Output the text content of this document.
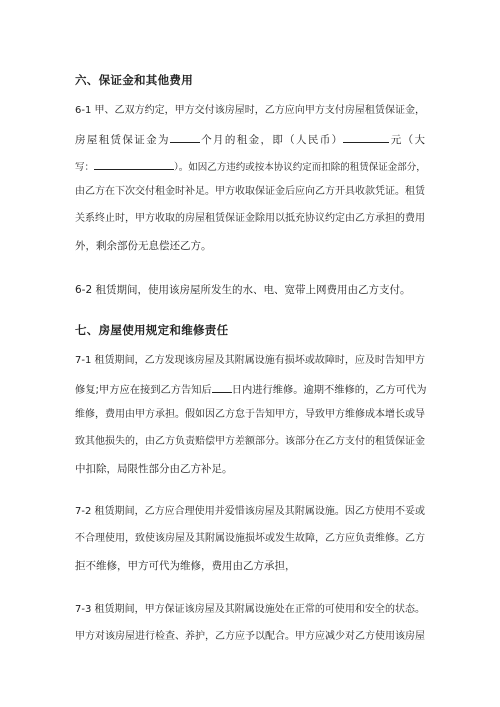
六、保证金和其他费用
6-1 甲、乙双方约定，甲方交付该房屋时，乙方应向甲方支付房屋租赁保证金，
房屋租赁保证金为	个月的租金，即（人民币）	元（大
写：	）。如因乙方违约或按本协议约定而扣除的租赁保证金部分，
由乙方在下次交付租金时补足。甲方收取保证金后应向乙方开具收款凭证。租赁
关系终止时，甲方收取的房屋租赁保证金除用以抵充协议约定由乙方承担的费用
外，剩余部份无息偿还乙方。
6-2 租赁期间，使用该房屋所发生的水、电、宽带上网费用由乙方支付。
七、房屋使用规定和维修责任
7-1 租赁期间，乙方发现该房屋及其附属设施有损坏或故障时，应及时告知甲方
修复;甲方应在接到乙方告知后 日内进行维修。逾期不维修的，乙方可代为
维修，费用由甲方承担。假如因乙方怠于告知甲方，导致甲方维修成本增长或导
致其他损失的，由乙方负责赔偿甲方差额部分。该部分在乙方支付的租赁保证金
中扣除，局限性部分由乙方补足。
7-2 租赁期间，乙方应合理使用并爱惜该房屋及其附属设施。因乙方使用不妥或
不合理使用，致使该房屋及其附属设施损坏或发生故障，乙方应负责维修。乙方
拒不维修，甲方可代为维修，费用由乙方承担，
7-3 租赁期间，甲方保证该房屋及其附属设施处在正常的可使用和安全的状态。
甲方对该房屋进行检查、养护，乙方应予以配合。甲方应减少对乙方使用该房屋
